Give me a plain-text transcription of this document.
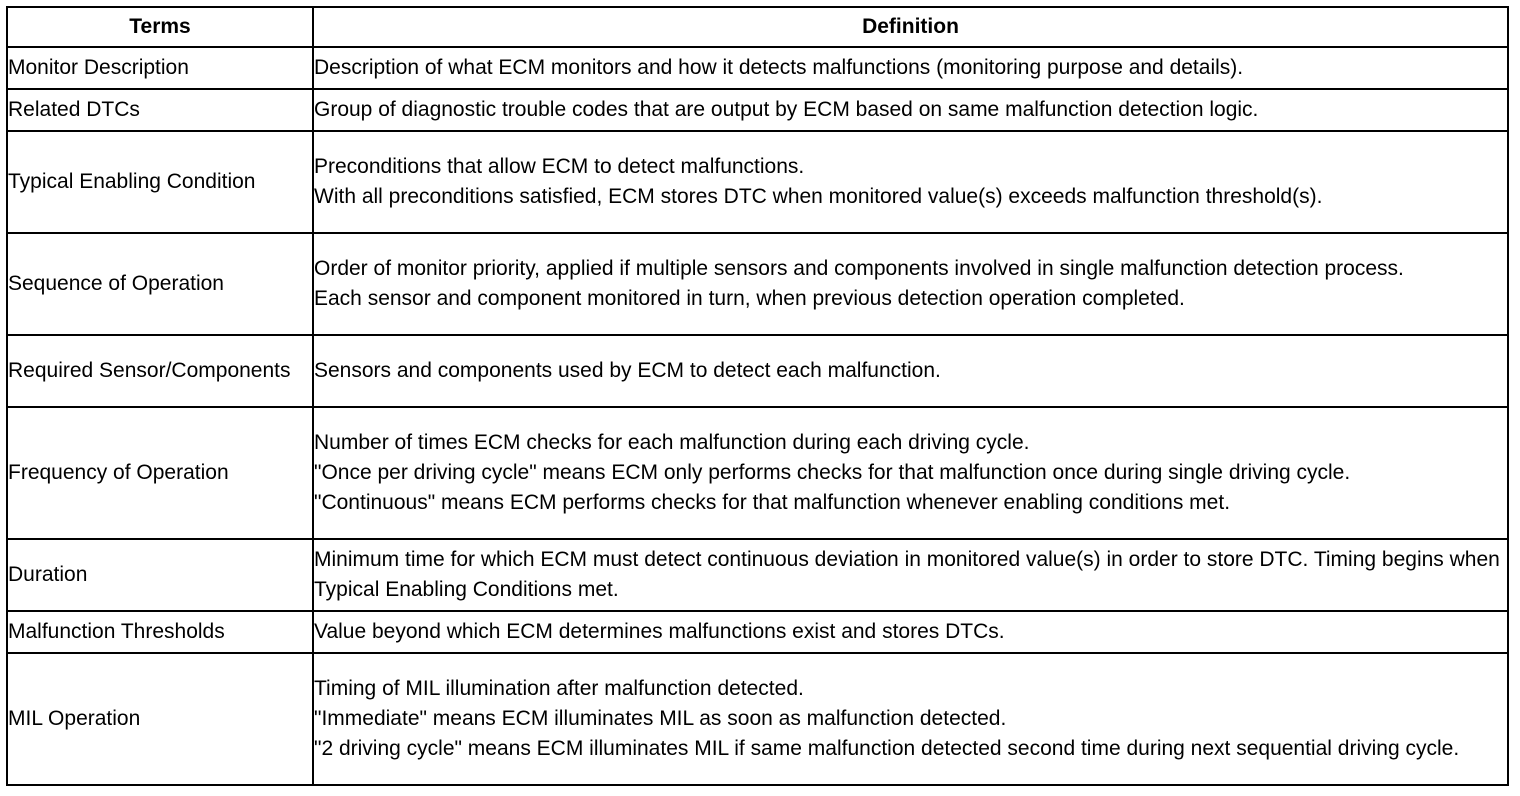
Terms	Definition
Monitor Description	Description of what ECM monitors and how it detects malfunctions (monitoring purpose and details).

Related DTCs	Group of diagnostic trouble codes that are output by ECM based on same malfunction detection logic.

Typical Enabling Condition	Preconditions that allow ECM to detect malfunctions.
With all preconditions satisfied, ECM stores DTC when monitored value(s) exceeds malfunction threshold(s).

Sequence of Operation	Order of monitor priority, applied if multiple sensors and components involved in single malfunction detection process.
Each sensor and component monitored in turn, when previous detection operation completed.

Required Sensor/Components	Sensors and components used by ECM to detect each malfunction.

Frequency of Operation	Number of times ECM checks for each malfunction during each driving cycle.
"Once per driving cycle" means ECM only performs checks for that malfunction once during single driving cycle.
"Continuous" means ECM performs checks for that malfunction whenever enabling conditions met.

Duration	Minimum time for which ECM must detect continuous deviation in monitored value(s) in order to store DTC. Timing begins when Typical Enabling Conditions met.

Malfunction Thresholds	Value beyond which ECM determines malfunctions exist and stores DTCs.

MIL Operation	Timing of MIL illumination after malfunction detected.
"Immediate" means ECM illuminates MIL as soon as malfunction detected.
"2 driving cycle" means ECM illuminates MIL if same malfunction detected second time during next sequential driving cycle.
